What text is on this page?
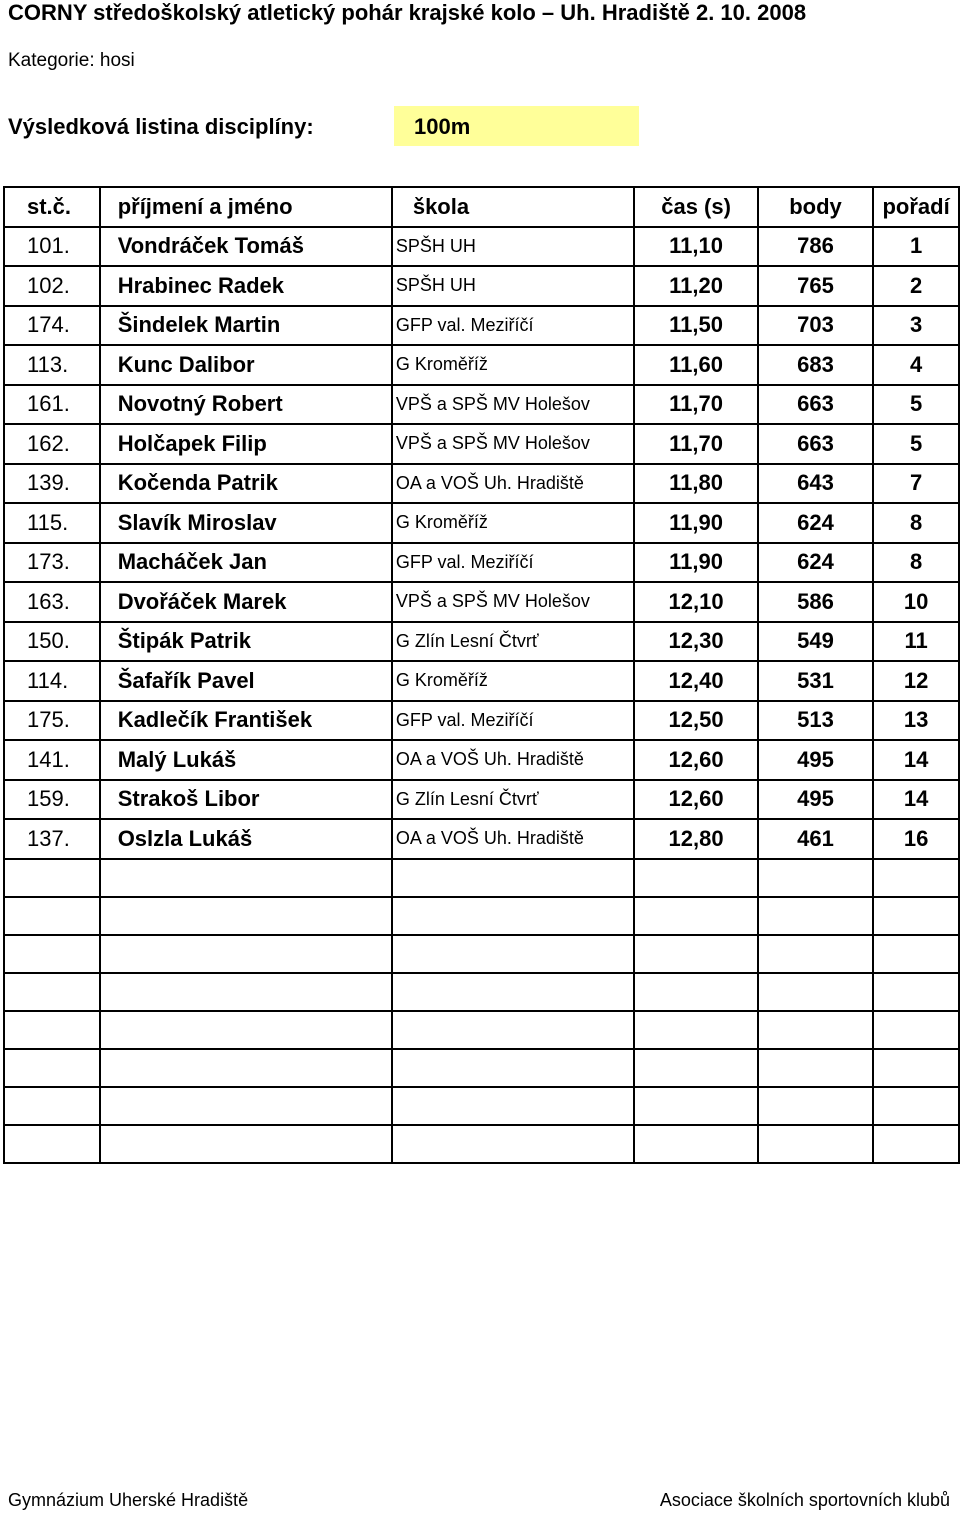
CORNY středoškolský atletický pohár krajské kolo – Uh. Hradiště 2. 10. 2008
Kategorie: hosi
Výsledková listina disciplíny:	100m
st.č.	příjmení a jméno	škola	čas (s)	body	pořadí
101.	Vondráček Tomáš	SPŠH UH	11,10	786	1
102.	Hrabinec Radek	SPŠH UH	11,20	765	2
174.	Šindelek Martin	GFP val. Meziříčí	11,50	703	3
113.	Kunc Dalibor	G Kroměříž	11,60	683	4
161.	Novotný Robert	VPŠ a SPŠ MV Holešov	11,70	663	5
162.	Holčapek Filip	VPŠ a SPŠ MV Holešov	11,70	663	5
139.	Kočenda Patrik	OA a VOŠ Uh. Hradiště	11,80	643	7
115.	Slavík Miroslav	G Kroměříž	11,90	624	8
173.	Macháček Jan	GFP val. Meziříčí	11,90	624	8
163.	Dvořáček Marek	VPŠ a SPŠ MV Holešov	12,10	586	10
150.	Štipák Patrik	G Zlín Lesní Čtvrť	12,30	549	11
114.	Šafařík Pavel	G Kroměříž	12,40	531	12
175.	Kadlečík František	GFP val. Meziříčí	12,50	513	13
141.	Malý Lukáš	OA a VOŠ Uh. Hradiště	12,60	495	14
159.	Strakoš Libor	G Zlín Lesní Čtvrť	12,60	495	14
137.	Oslzla Lukáš	OA a VOŠ Uh. Hradiště	12,80	461	16

Gymnázium Uherské Hradiště	Asociace školních sportovních klubů
